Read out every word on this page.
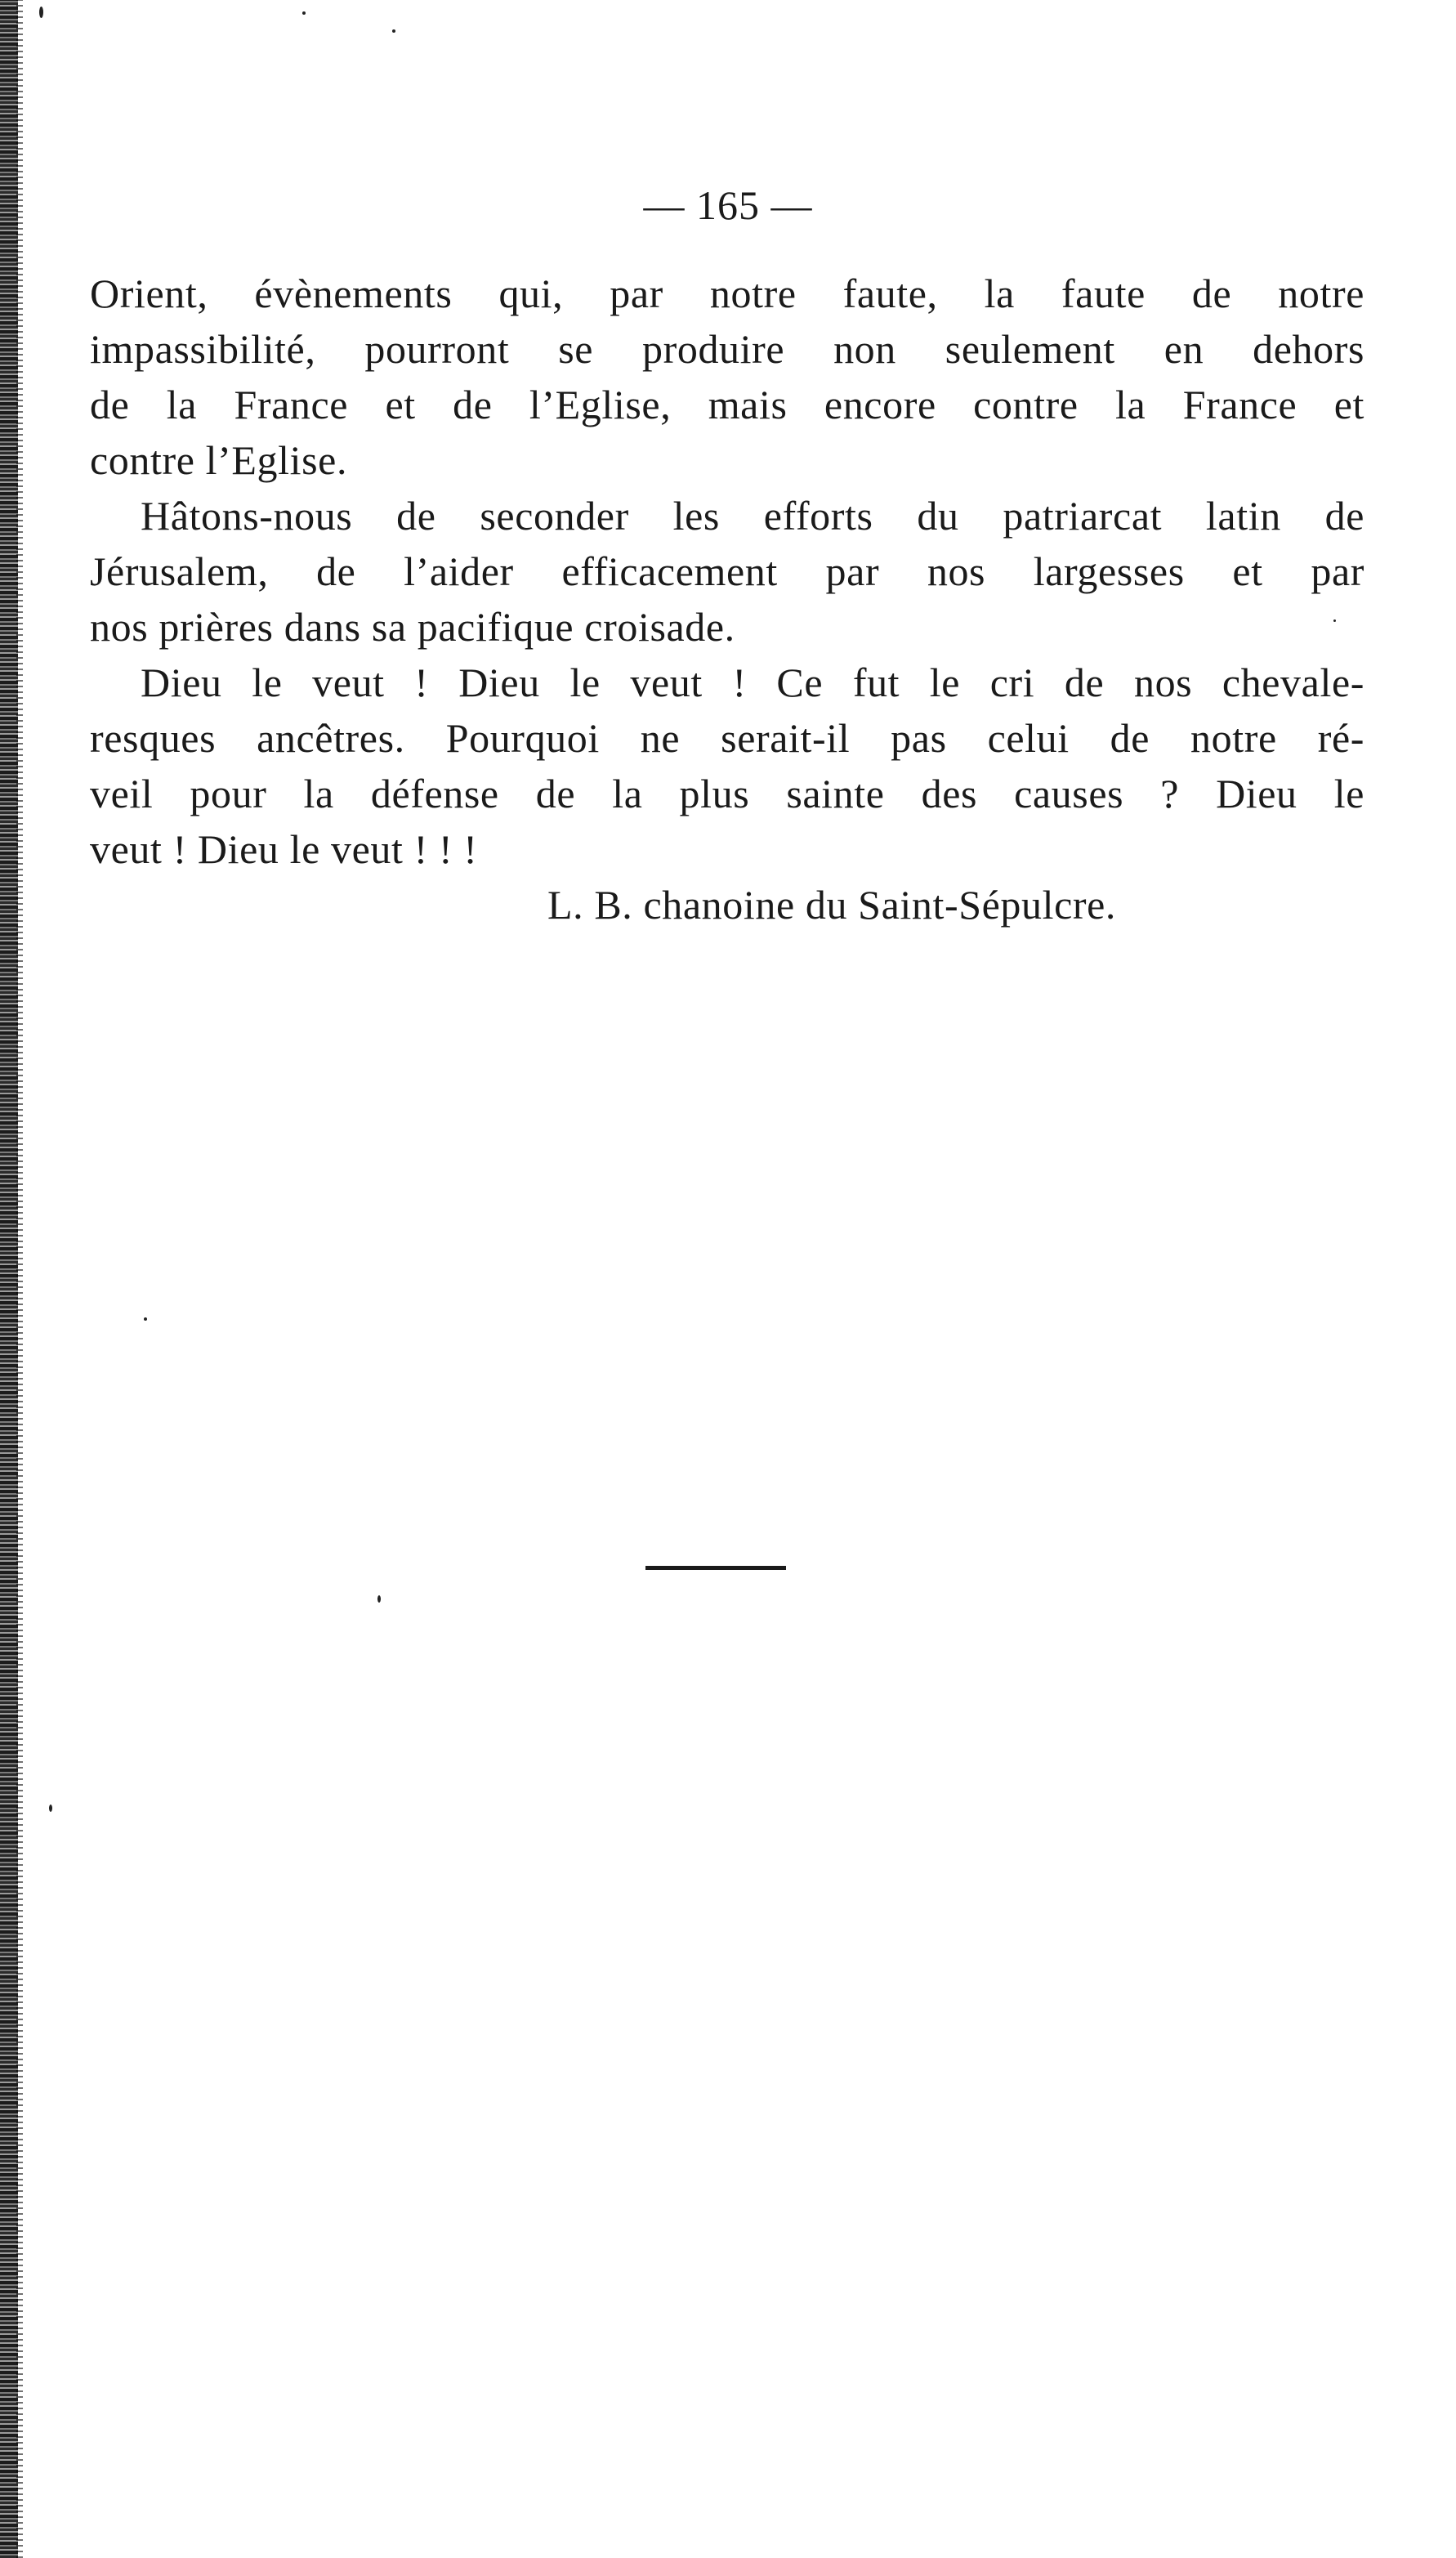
— 165 —
Orient, évènements qui, par notre faute, la faute de notre
impassibilité, pourront se produire non seulement en dehors
de la France et de l’Eglise, mais encore contre la France et
contre l’Eglise.
Hâtons-nous de seconder les efforts du patriarcat latin de
Jérusalem, de l’aider efficacement par nos largesses et par
nos prières dans sa pacifique croisade.
Dieu le veut ! Dieu le veut ! Ce fut le cri de nos chevale-
resques ancêtres. Pourquoi ne serait-il pas celui de notre ré-
veil pour la défense de la plus sainte des causes ? Dieu le
veut ! Dieu le veut ! ! !
L. B. chanoine du Saint-Sépulcre.
